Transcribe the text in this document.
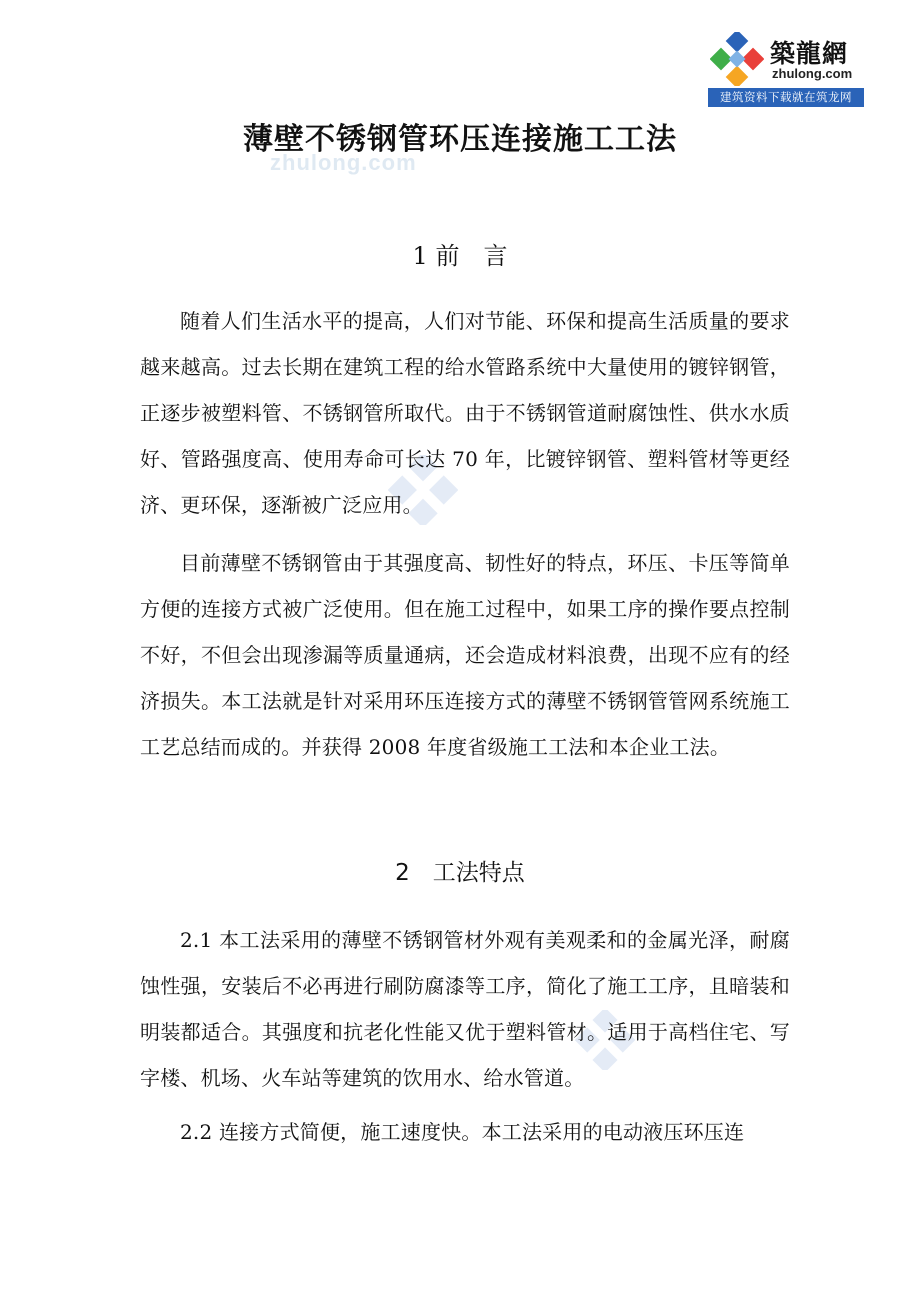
築龍網
zhulong.com
建筑资料下载就在筑龙网
zhulong.com
薄壁不锈钢管环压连接施工工法
1 前　言

随着人们生活水平的提高，人们对节能、环保和提高生活质量的要求越来越高。过去长期在建筑工程的给水管路系统中大量使用的镀锌钢管，正逐步被塑料管、不锈钢管所取代。由于不锈钢管道耐腐蚀性、供水水质好、管路强度高、使用寿命可长达 70 年，比镀锌钢管、塑料管材等更经济、更环保，逐渐被广泛应用。

目前薄壁不锈钢管由于其强度高、韧性好的特点，环压、卡压等简单方便的连接方式被广泛使用。但在施工过程中，如果工序的操作要点控制不好，不但会出现渗漏等质量通病，还会造成材料浪费，出现不应有的经济损失。本工法就是针对采用环压连接方式的薄壁不锈钢管管网系统施工工艺总结而成的。并获得 2008 年度省级施工工法和本企业工法。

2　工法特点

2.1 本工法采用的薄壁不锈钢管材外观有美观柔和的金属光泽，耐腐蚀性强，安装后不必再进行刷防腐漆等工序，简化了施工工序，且暗装和明装都适合。其强度和抗老化性能又优于塑料管材。适用于高档住宅、写字楼、机场、火车站等建筑的饮用水、给水管道。

2.2 连接方式简便，施工速度快。本工法采用的电动液压环压连
